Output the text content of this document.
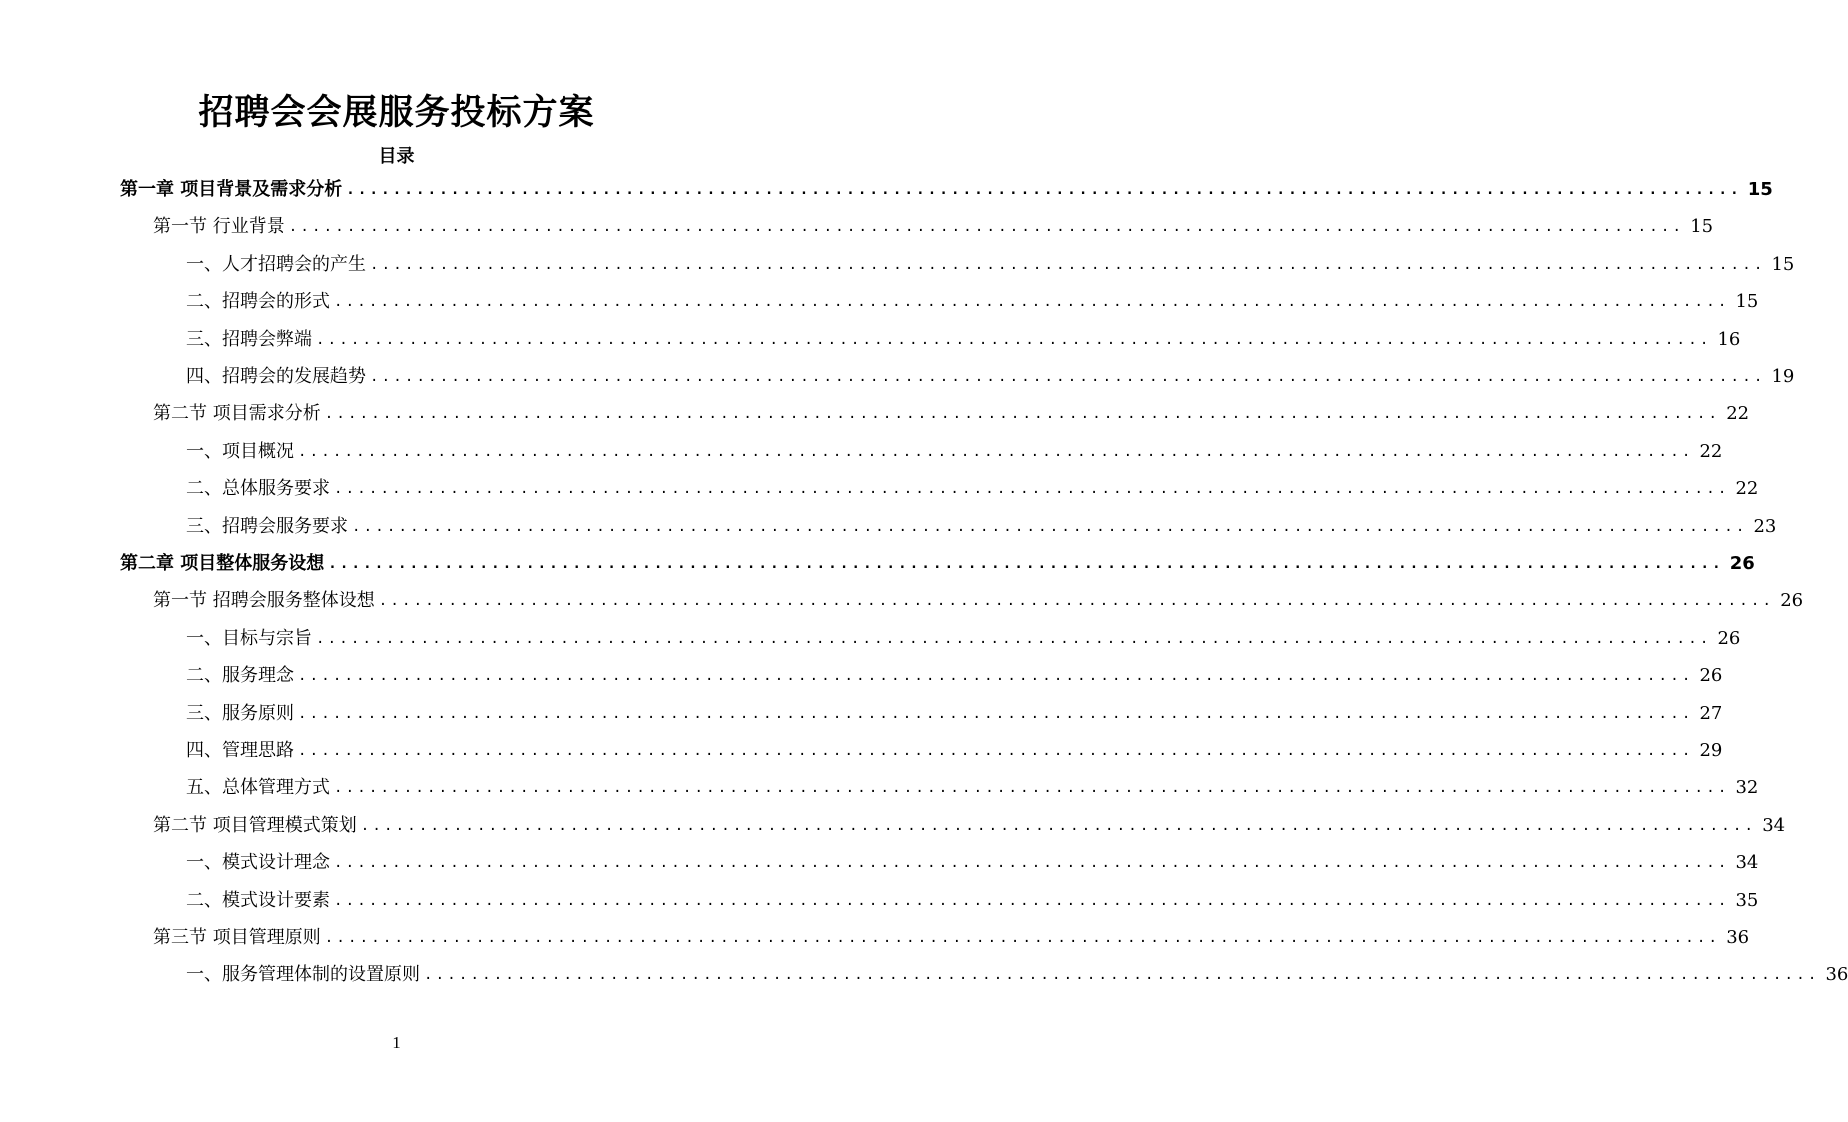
招聘会会展服务投标方案
目录
第一章 项目背景及需求分析 ........................................................................................................................ 15
第一节 行业背景 ........................................................................................................................ 15
一、人才招聘会的产生 ........................................................................................................................ 15
二、招聘会的形式 ........................................................................................................................ 15
三、招聘会弊端 ........................................................................................................................ 16
四、招聘会的发展趋势 ........................................................................................................................ 19
第二节 项目需求分析 ........................................................................................................................ 22
一、项目概况 ........................................................................................................................ 22
二、总体服务要求 ........................................................................................................................ 22
三、招聘会服务要求 ........................................................................................................................ 23
第二章 项目整体服务设想 ........................................................................................................................ 26
第一节 招聘会服务整体设想 ........................................................................................................................ 26
一、目标与宗旨 ........................................................................................................................ 26
二、服务理念 ........................................................................................................................ 26
三、服务原则 ........................................................................................................................ 27
四、管理思路 ........................................................................................................................ 29
五、总体管理方式 ........................................................................................................................ 32
第二节 项目管理模式策划 ........................................................................................................................ 34
一、模式设计理念 ........................................................................................................................ 34
二、模式设计要素 ........................................................................................................................ 35
第三节 项目管理原则 ........................................................................................................................ 36
一、服务管理体制的设置原则 ........................................................................................................................ 36
1
